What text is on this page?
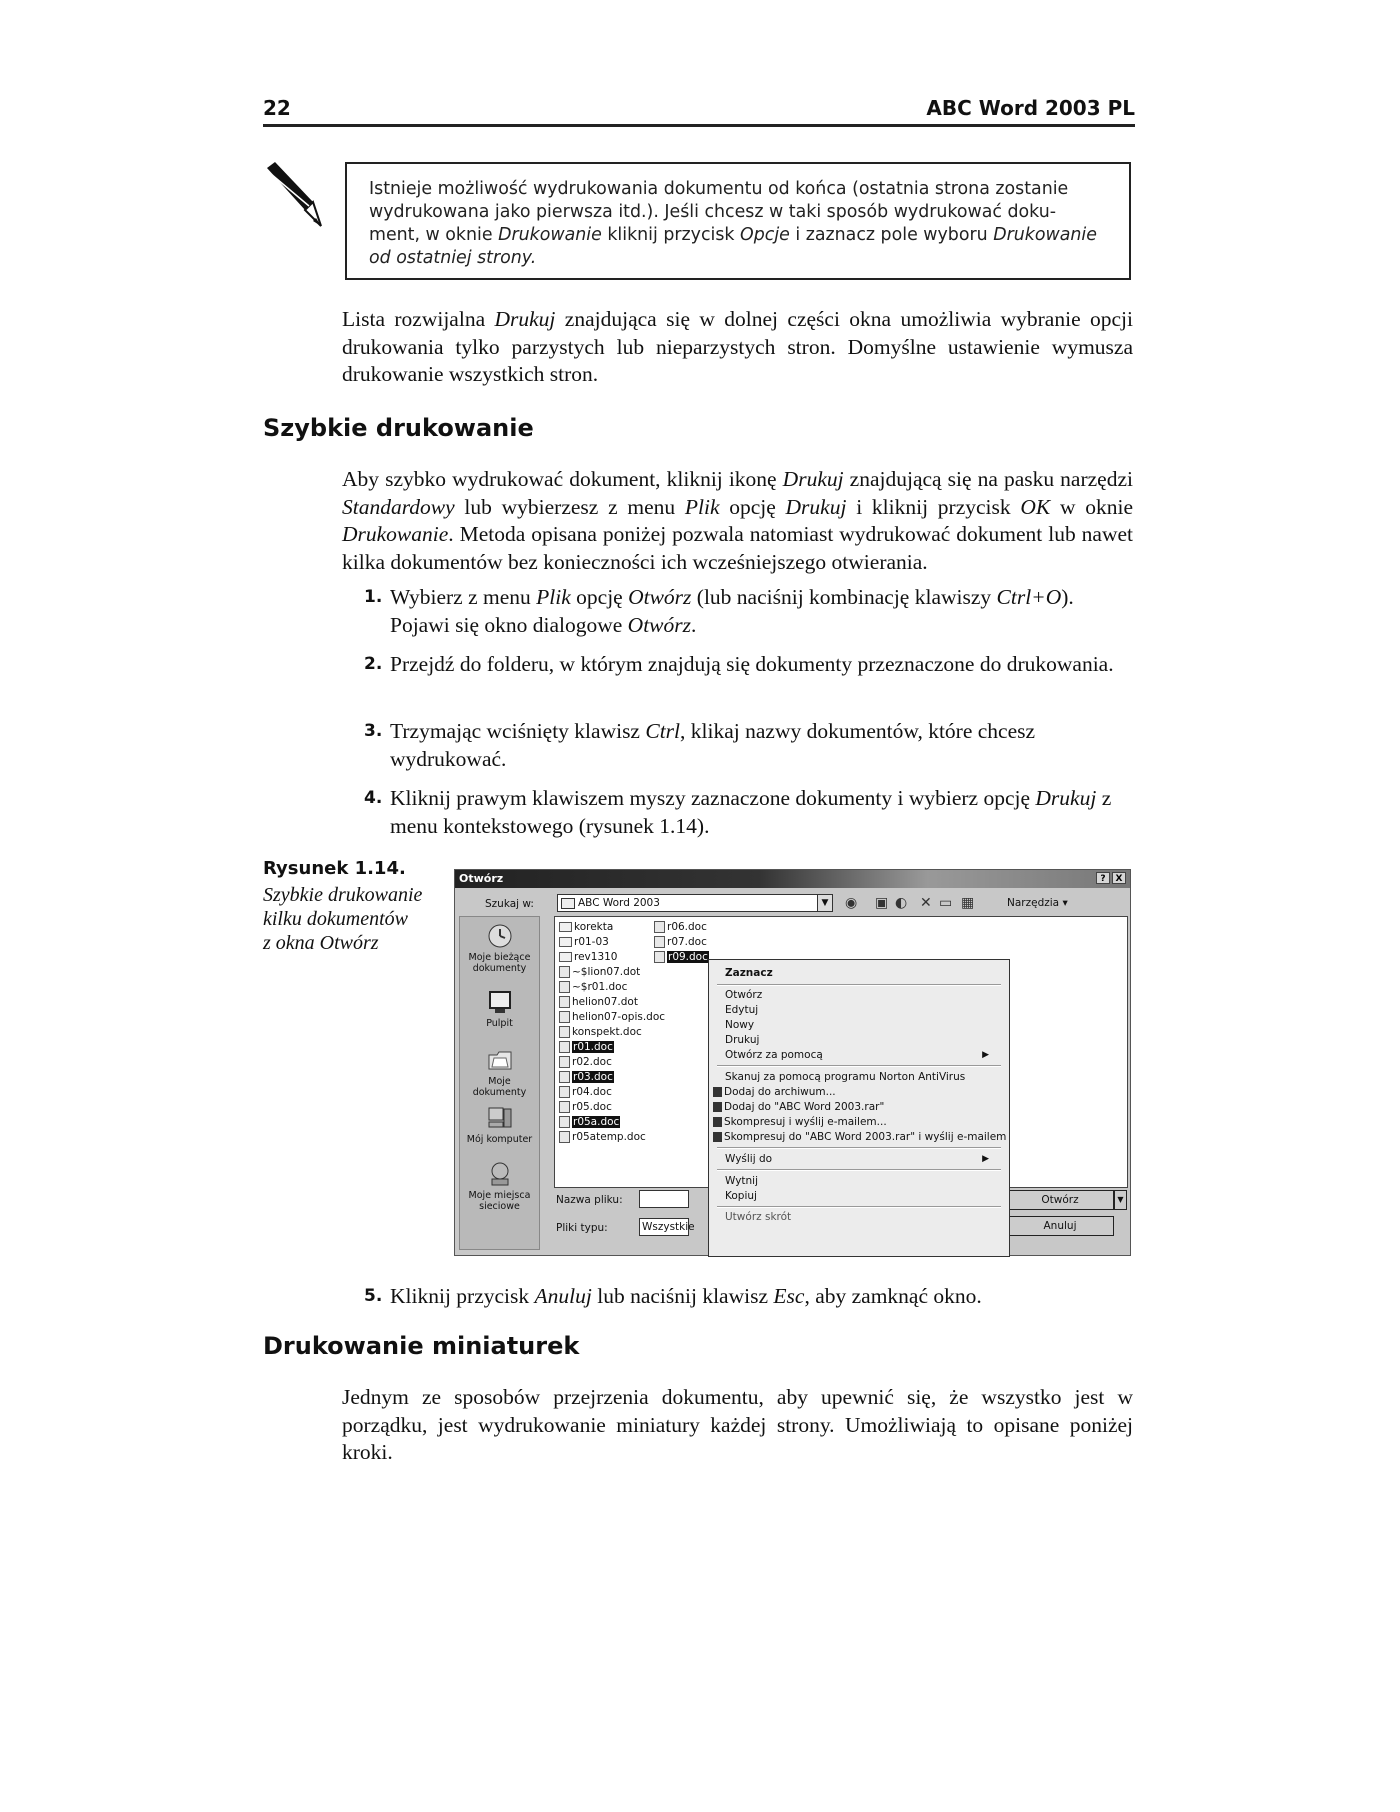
22	ABC Word 2003 PL

Istnieje możliwość wydrukowania dokumentu od końca (ostatnia strona zostanie
wydrukowana jako pierwsza itd.). Jeśli chcesz w taki sposób wydrukować doku-
ment, w oknie Drukowanie kliknij przycisk Opcje i zaznacz pole wyboru Drukowanie
od ostatniej strony.

Lista rozwijalna Drukuj znajdująca się w dolnej części okna umożliwia wybranie opcji drukowania tylko parzystych lub nieparzystych stron. Domyślne ustawienie wymusza drukowanie wszystkich stron.

Szybkie drukowanie

Aby szybko wydrukować dokument, kliknij ikonę Drukuj znajdującą się na pasku narzędzi Standardowy lub wybierzesz z menu Plik opcję Drukuj i kliknij przycisk OK w oknie Drukowanie. Metoda opisana poniżej pozwala natomiast wydrukować dokument lub nawet kilka dokumentów bez konieczności ich wcześniejszego otwierania.

1. Wybierz z menu Plik opcję Otwórz (lub naciśnij kombinację klawiszy Ctrl+O). Pojawi się okno dialogowe Otwórz.
2. Przejdź do folderu, w którym znajdują się dokumenty przeznaczone do drukowania.
3. Trzymając wciśnięty klawisz Ctrl, klikaj nazwy dokumentów, które chcesz wydrukować.
4. Kliknij prawym klawiszem myszy zaznaczone dokumenty i wybierz opcję Drukuj z menu kontekstowego (rysunek 1.14).
Rysunek 1.14.
Szybkie drukowanie
kilku dokumentów
z okna Otwórz
Otwórz	?	X
Szukaj w:	ABC Word 2003	▼ ◉ ▣ ◐ ✕ ▭ ▦	Narzędzia ▾
Moje bieżące dokumenty
Pulpit
Moje dokumenty
Mój komputer
Moje miejsca sieciowe
korekta
r01-03
rev1310
~$lion07.dot
~$r01.doc
helion07.dot
helion07-opis.doc
konspekt.doc
r01.doc
r02.doc
r03.doc
r04.doc
r05.doc
r05a.doc
r05atemp.doc
r06.doc
r07.doc
r09.doc
Nazwa pliku:
Pliki typu:	Wszystkie
Otwórz	▼
Anuluj
Zaznacz
Otwórz
Edytuj
Nowy
Drukuj
Otwórz za pomocą	▶
Skanuj za pomocą programu Norton AntiVirus
Dodaj do archiwum...
Dodaj do "ABC Word 2003.rar"
Skompresuj i wyślij e-mailem...
Skompresuj do "ABC Word 2003.rar" i wyślij e-mailem
Wyślij do	▶
Wytnij
Kopiuj
Utwórz skrót
5. Kliknij przycisk Anuluj lub naciśnij klawisz Esc, aby zamknąć okno.
Drukowanie miniaturek

Jednym ze sposobów przejrzenia dokumentu, aby upewnić się, że wszystko jest w porządku, jest wydrukowanie miniatury każdej strony. Umożliwiają to opisane poniżej kroki.
